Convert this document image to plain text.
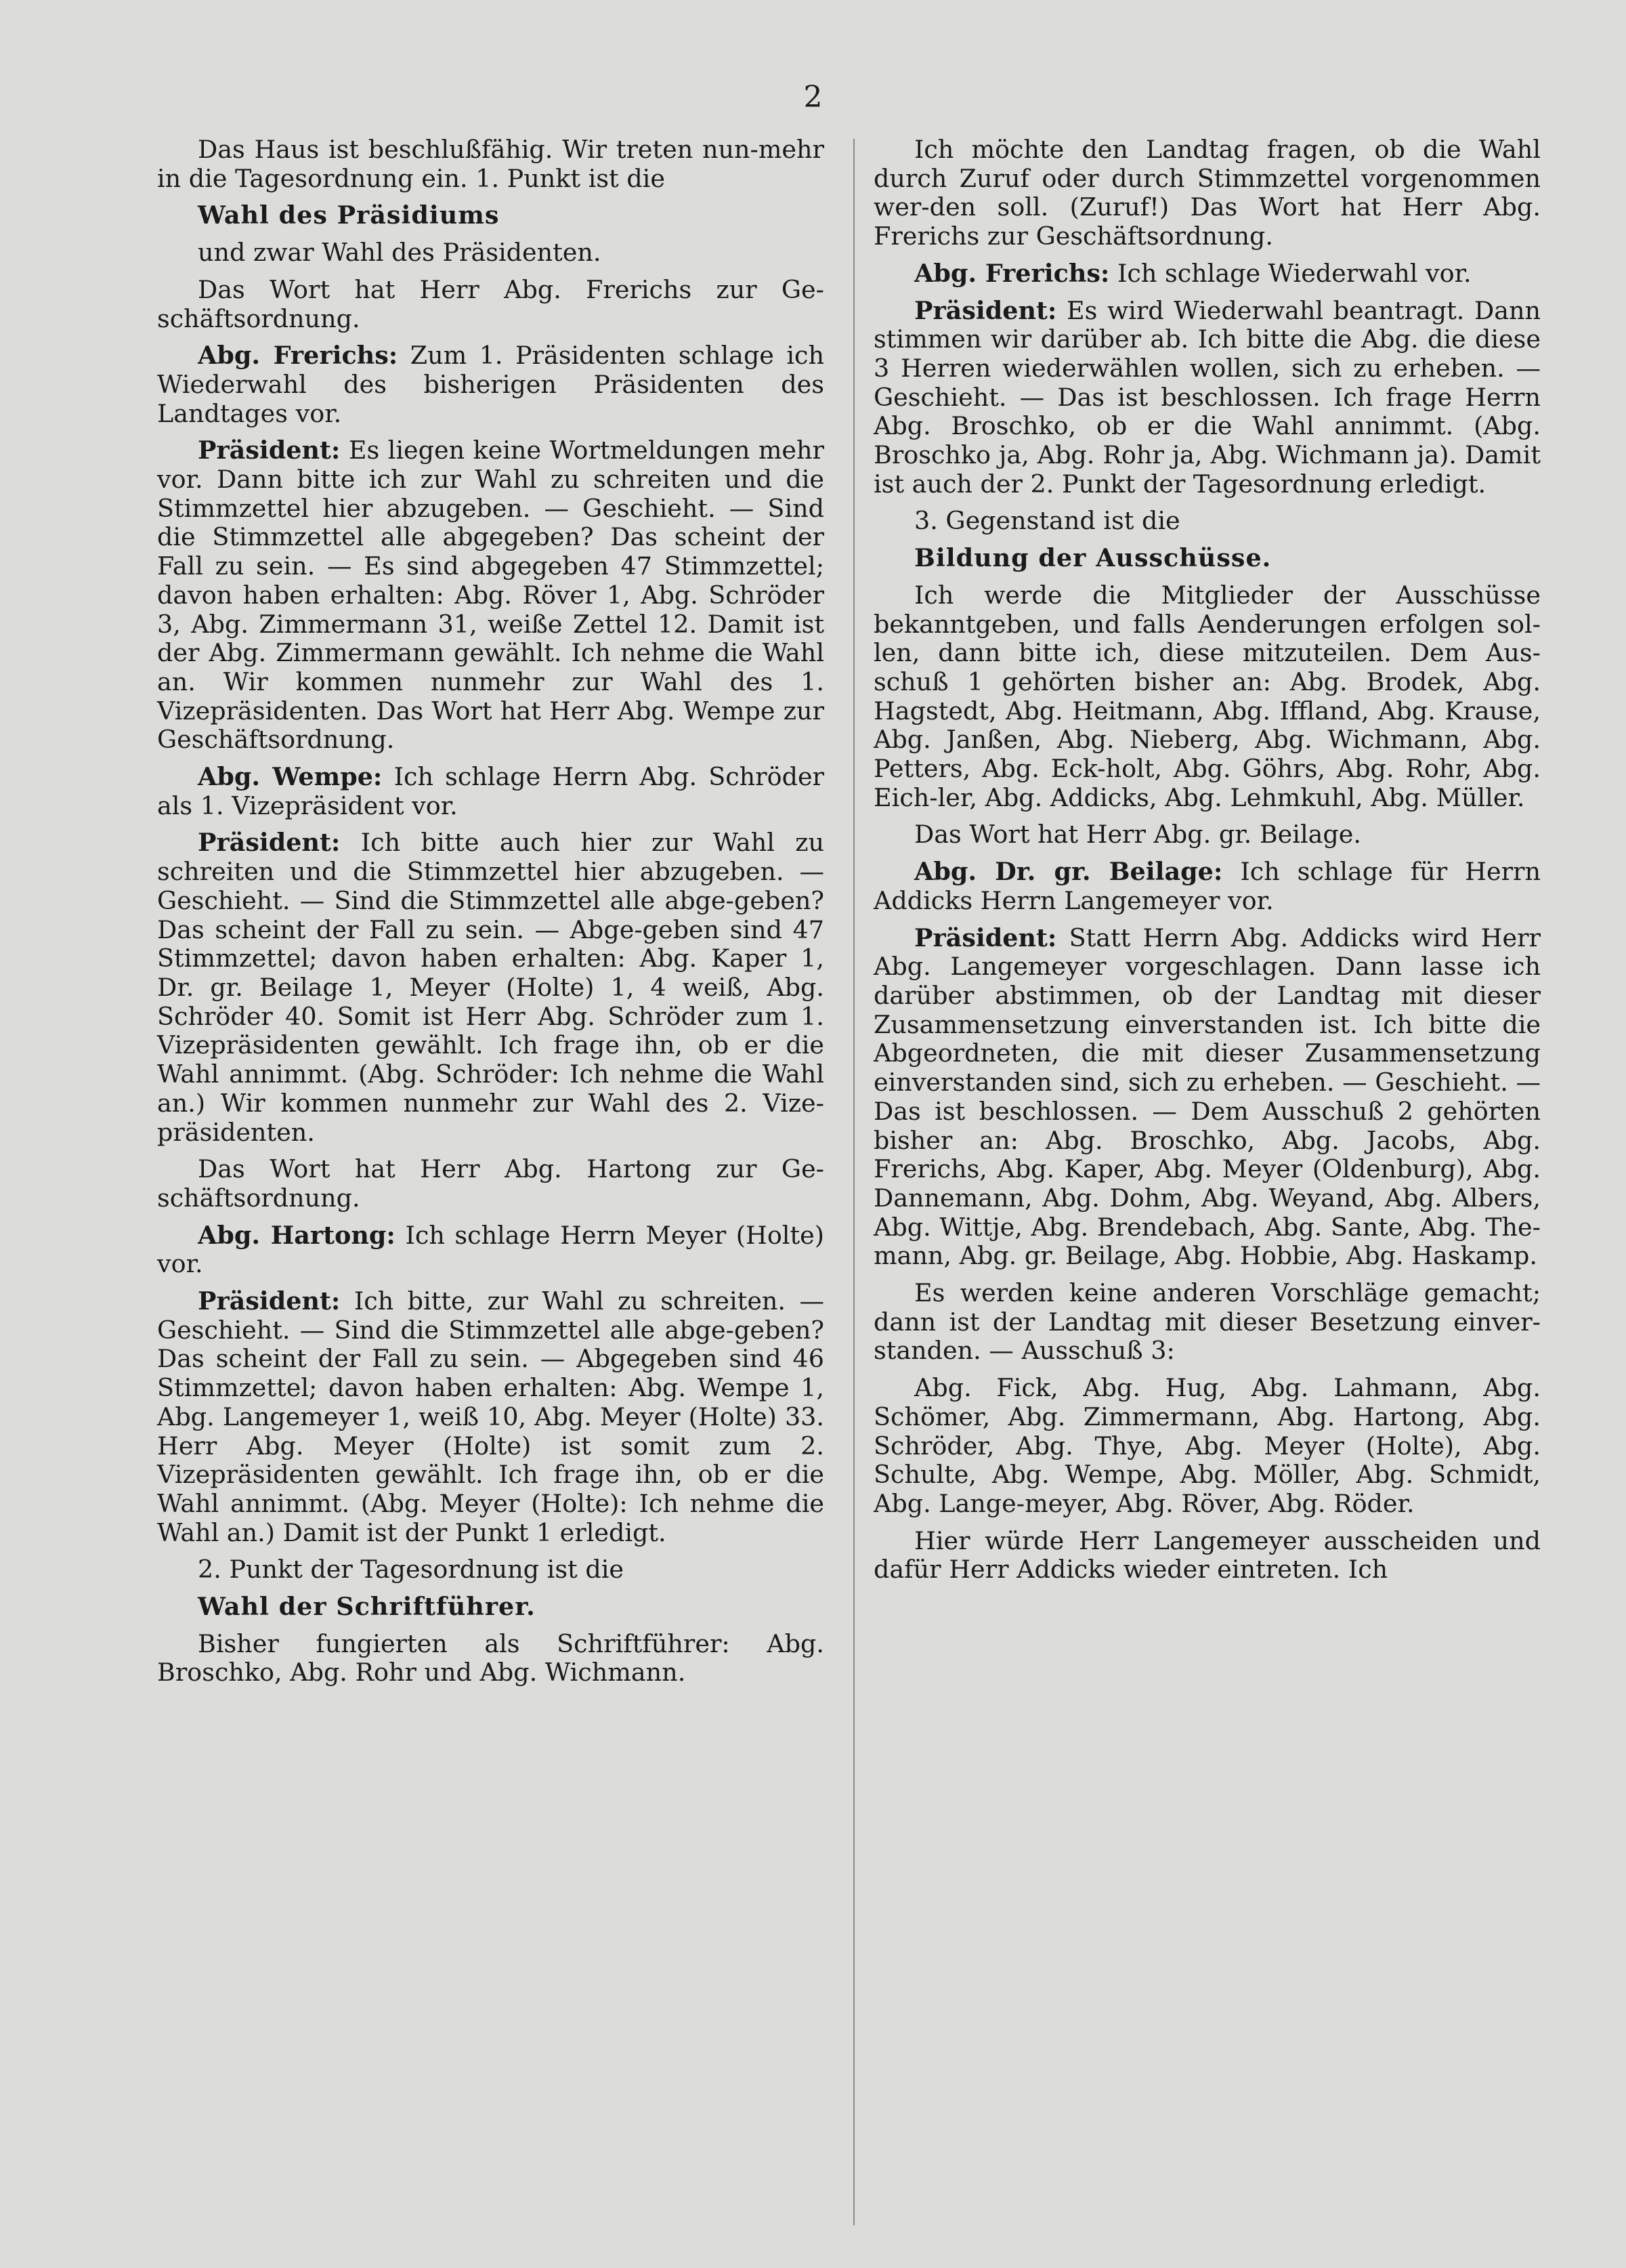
2

Das Haus ist beschlußfähig. Wir treten nun-mehr in die Tagesordnung ein. 1. Punkt ist die

Wahl des Präsidiums

und zwar Wahl des Präsidenten.

Das Wort hat Herr Abg. Frerichs zur Ge-schäftsordnung.

Abg. Frerichs: Zum 1. Präsidenten schlage ich Wiederwahl des bisherigen Präsidenten des Landtages vor.

Präsident: Es liegen keine Wortmeldungen mehr vor. Dann bitte ich zur Wahl zu schreiten und die Stimmzettel hier abzugeben. — Geschieht. — Sind die Stimmzettel alle abgegeben? Das scheint der Fall zu sein. — Es sind abgegeben 47 Stimmzettel; davon haben erhalten: Abg. Röver 1, Abg. Schröder 3, Abg. Zimmermann 31, weiße Zettel 12. Damit ist der Abg. Zimmermann gewählt. Ich nehme die Wahl an. Wir kommen nunmehr zur Wahl des 1. Vizepräsidenten. Das Wort hat Herr Abg. Wempe zur Geschäftsordnung.

Abg. Wempe: Ich schlage Herrn Abg. Schröder als 1. Vizepräsident vor.

Präsident: Ich bitte auch hier zur Wahl zu schreiten und die Stimmzettel hier abzugeben. — Geschieht. — Sind die Stimmzettel alle abge-geben? Das scheint der Fall zu sein. — Abge-geben sind 47 Stimmzettel; davon haben erhalten: Abg. Kaper 1, Dr. gr. Beilage 1, Meyer (Holte) 1, 4 weiß, Abg. Schröder 40. Somit ist Herr Abg. Schröder zum 1. Vizepräsidenten gewählt. Ich frage ihn, ob er die Wahl annimmt. (Abg. Schröder: Ich nehme die Wahl an.) Wir kommen nunmehr zur Wahl des 2. Vize-präsidenten.

Das Wort hat Herr Abg. Hartong zur Ge-schäftsordnung.

Abg. Hartong: Ich schlage Herrn Meyer (Holte) vor.

Präsident: Ich bitte, zur Wahl zu schreiten. — Geschieht. — Sind die Stimmzettel alle abge-geben? Das scheint der Fall zu sein. — Abgegeben sind 46 Stimmzettel; davon haben erhalten: Abg. Wempe 1, Abg. Langemeyer 1, weiß 10, Abg. Meyer (Holte) 33. Herr Abg. Meyer (Holte) ist somit zum 2. Vizepräsidenten gewählt. Ich frage ihn, ob er die Wahl annimmt. (Abg. Meyer (Holte): Ich nehme die Wahl an.) Damit ist der Punkt 1 erledigt.

2. Punkt der Tagesordnung ist die

Wahl der Schriftführer.

Bisher fungierten als Schriftführer: Abg. Broschko, Abg. Rohr und Abg. Wichmann.

Ich möchte den Landtag fragen, ob die Wahl durch Zuruf oder durch Stimmzettel vorgenommen wer-den soll. (Zuruf!) Das Wort hat Herr Abg. Frerichs zur Geschäftsordnung.

Abg. Frerichs: Ich schlage Wiederwahl vor.

Präsident: Es wird Wiederwahl beantragt. Dann stimmen wir darüber ab. Ich bitte die Abg. die diese 3 Herren wiederwählen wollen, sich zu erheben. — Geschieht. — Das ist beschlossen. Ich frage Herrn Abg. Broschko, ob er die Wahl annimmt. (Abg. Broschko ja, Abg. Rohr ja, Abg. Wichmann ja). Damit ist auch der 2. Punkt der Tagesordnung erledigt.

3. Gegenstand ist die

Bildung der Ausschüsse.

Ich werde die Mitglieder der Ausschüsse bekanntgeben, und falls Aenderungen erfolgen sol-len, dann bitte ich, diese mitzuteilen. Dem Aus-schuß 1 gehörten bisher an: Abg. Brodek, Abg. Hagstedt, Abg. Heitmann, Abg. Iffland, Abg. Krause, Abg. Janßen, Abg. Nieberg, Abg. Wichmann, Abg. Petters, Abg. Eck-holt, Abg. Göhrs, Abg. Rohr, Abg. Eich-ler, Abg. Addicks, Abg. Lehmkuhl, Abg. Müller.

Das Wort hat Herr Abg. gr. Beilage.

Abg. Dr. gr. Beilage: Ich schlage für Herrn Addicks Herrn Langemeyer vor.

Präsident: Statt Herrn Abg. Addicks wird Herr Abg. Langemeyer vorgeschlagen. Dann lasse ich darüber abstimmen, ob der Landtag mit dieser Zusammensetzung einverstanden ist. Ich bitte die Abgeordneten, die mit dieser Zusammensetzung einverstanden sind, sich zu erheben. — Geschieht. — Das ist beschlossen. — Dem Ausschuß 2 gehörten bisher an: Abg. Broschko, Abg. Jacobs, Abg. Frerichs, Abg. Kaper, Abg. Meyer (Oldenburg), Abg. Dannemann, Abg. Dohm, Abg. Weyand, Abg. Albers, Abg. Wittje, Abg. Brendebach, Abg. Sante, Abg. The-mann, Abg. gr. Beilage, Abg. Hobbie, Abg. Haskamp.

Es werden keine anderen Vorschläge gemacht; dann ist der Landtag mit dieser Besetzung einver-standen. — Ausschuß 3:

Abg. Fick, Abg. Hug, Abg. Lahmann, Abg. Schömer, Abg. Zimmermann, Abg. Hartong, Abg. Schröder, Abg. Thye, Abg. Meyer (Holte), Abg. Schulte, Abg. Wempe, Abg. Möller, Abg. Schmidt, Abg. Lange-meyer, Abg. Röver, Abg. Röder.

Hier würde Herr Langemeyer ausscheiden und dafür Herr Addicks wieder eintreten. Ich
